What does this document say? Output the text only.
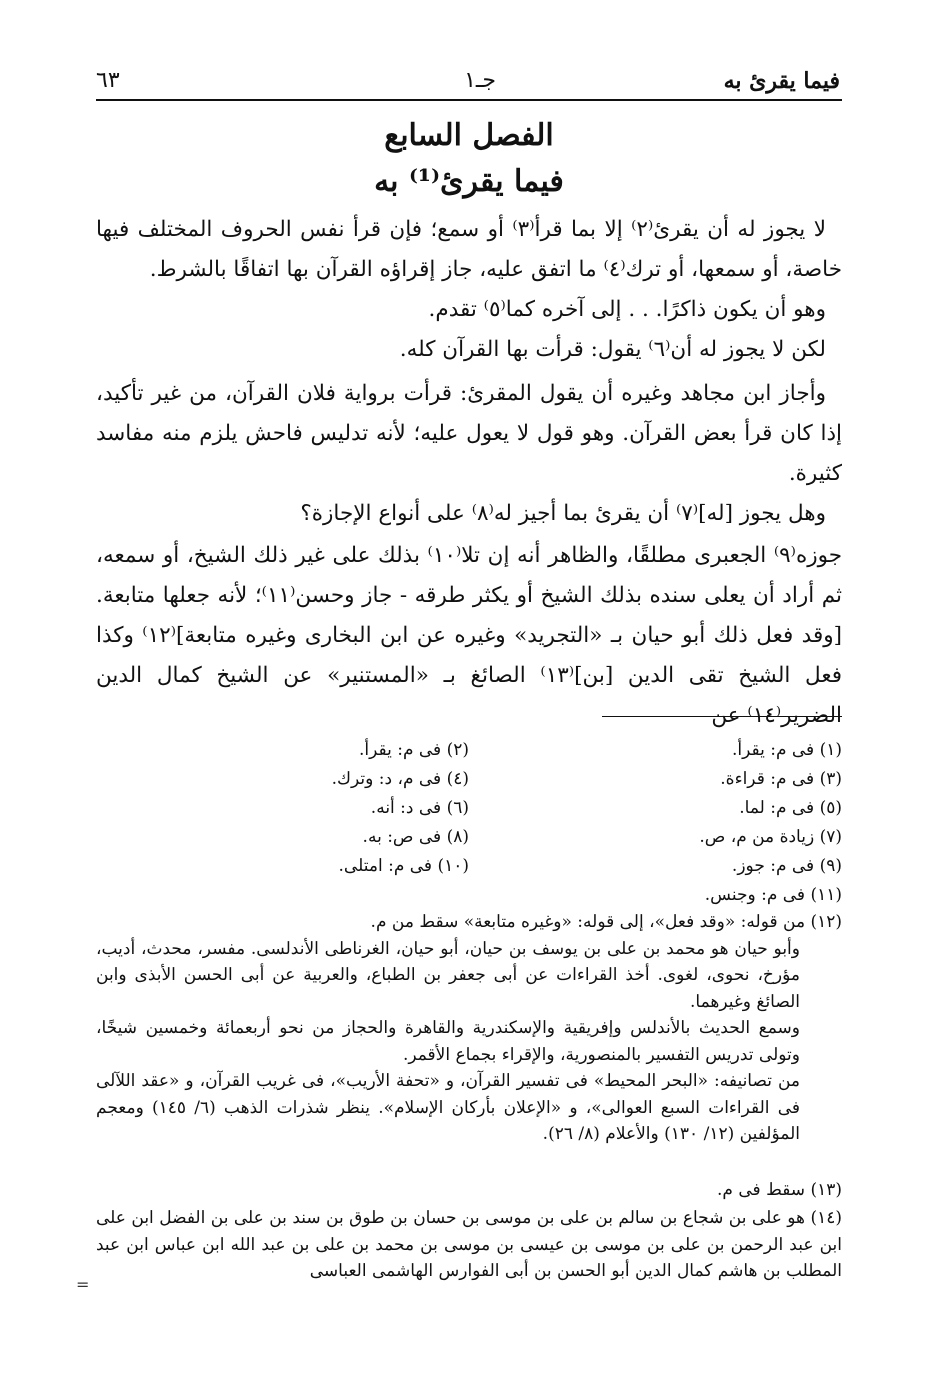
فيما يقرئ به
جـ١
٦٣
الفصل السابع
فيما يقرئ⁽¹⁾ به

لا يجوز له أن يقرئ⁽٢⁾ إلا بما قرأ⁽٣⁾ أو سمع؛ فإن قرأ نفس الحروف المختلف فيها خاصة، أو سمعها، أو ترك⁽٤⁾ ما اتفق عليه، جاز إقراؤه القرآن بها اتفاقًا بالشرط.

وهو أن يكون ذاكرًا. . . إلى آخره كما⁽٥⁾ تقدم.

لكن لا يجوز له أن⁽٦⁾ يقول: قرأت بها القرآن كله.

وأجاز ابن مجاهد وغيره أن يقول المقرئ: قرأت برواية فلان القرآن، من غير تأكيد، إذا كان قرأ بعض القرآن. وهو قول لا يعول عليه؛ لأنه تدليس فاحش يلزم منه مفاسد كثيرة.

وهل يجوز [له]⁽٧⁾ أن يقرئ بما أجيز له⁽٨⁾ على أنواع الإجازة؟

جوزه⁽٩⁾ الجعبرى مطلقًا، والظاهر أنه إن تلا⁽١٠⁾ بذلك على غير ذلك الشيخ، أو سمعه، ثم أراد أن يعلى سنده بذلك الشيخ أو يكثر طرقه - جاز وحسن⁽١١⁾؛ لأنه جعلها متابعة. [وقد فعل ذلك أبو حيان بـ «التجريد» وغيره عن ابن البخارى وغيره متابعة]⁽١٢⁾ وكذا فعل الشيخ تقى الدين [بن]⁽١٣⁾ الصائغ بـ «المستنير» عن الشيخ كمال الدين الضرير⁽١٤⁾ عن

(١) فى م: يقرأ.
(٢) فى م: يقرأ.
(٣) فى م: قراءة.
(٤) فى م، د: وترك.
(٥) فى م: لما.
(٦) فى د: أنه.
(٧) زيادة من م، ص.
(٨) فى ص: به.
(٩) فى م: جوز.
(١٠) فى م: امتلى.
(١١) فى م: وجنس.

(١٢) من قوله: «وقد فعل»، إلى قوله: «وغيره متابعة» سقط من م.

وأبو حيان هو محمد بن على بن يوسف بن حيان، أبو حيان، الغرناطى الأندلسى. مفسر، محدث، أديب، مؤرخ، نحوى، لغوى. أخذ القراءات عن أبى جعفر بن الطباع، والعربية عن أبى الحسن الأبذى وابن الصائغ وغيرهما.

وسمع الحديث بالأندلس وإفريقية والإسكندرية والقاهرة والحجاز من نحو أربعمائة وخمسين شيخًا، وتولى تدريس التفسير بالمنصورية، والإقراء بجماع الأقمر.

من تصانيفه: «البحر المحيط» فى تفسير القرآن، و «تحفة الأريب»، فى غريب القرآن، و «عقد اللآلى فى القراءات السبع العوالى»، و «الإعلان بأركان الإسلام». ينظر شذرات الذهب (٦/ ١٤٥) ومعجم المؤلفين (١٢/ ١٣٠) والأعلام (٨/ ٢٦).

(١٣) سقط فى م.
(١٤) هو على بن شجاع بن سالم بن على بن موسى بن حسان بن طوق بن سند بن على بن الفضل ابن على ابن عبد الرحمن بن على بن موسى بن عيسى بن موسى بن محمد بن على بن عبد الله ابن عباس ابن عبد المطلب بن هاشم كمال الدين أبو الحسن بن أبى الفوارس الهاشمى العباسى
=
